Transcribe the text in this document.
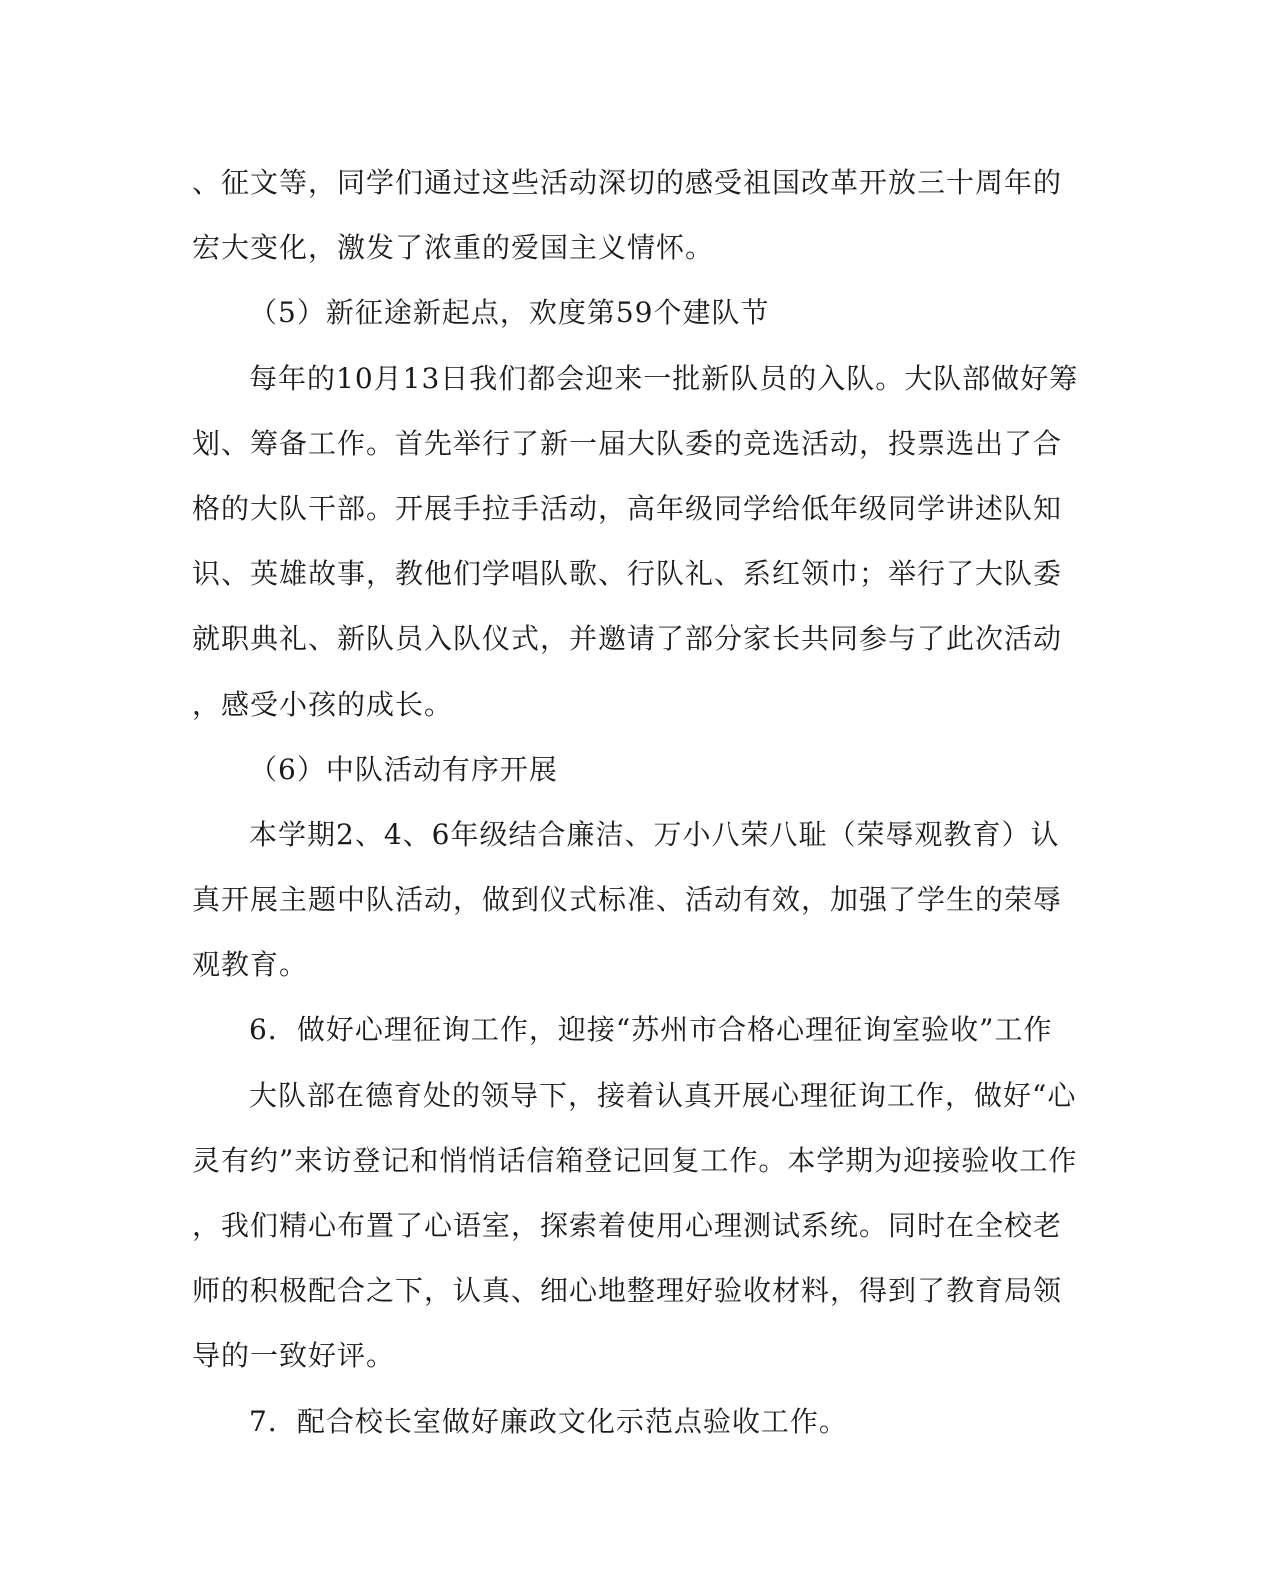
、征文等，同学们通过这些活动深切的感受祖国改革开放三十周年的
宏大变化，激发了浓重的爱国主义情怀。
（5）新征途新起点，欢度第59个建队节
每年的10月13日我们都会迎来一批新队员的入队。大队部做好筹
划、筹备工作。首先举行了新一届大队委的竞选活动，投票选出了合
格的大队干部。开展手拉手活动，高年级同学给低年级同学讲述队知
识、英雄故事，教他们学唱队歌、行队礼、系红领巾；举行了大队委
就职典礼、新队员入队仪式，并邀请了部分家长共同参与了此次活动
，感受小孩的成长。
（6）中队活动有序开展
本学期2、4、6年级结合廉洁、万小八荣八耻（荣辱观教育）认
真开展主题中队活动，做到仪式标准、活动有效，加强了学生的荣辱
观教育。
6．做好心理征询工作，迎接“苏州市合格心理征询室验收”工作
大队部在德育处的领导下，接着认真开展心理征询工作，做好“心
灵有约”来访登记和悄悄话信箱登记回复工作。本学期为迎接验收工作
，我们精心布置了心语室，探索着使用心理测试系统。同时在全校老
师的积极配合之下，认真、细心地整理好验收材料，得到了教育局领
导的一致好评。
7．配合校长室做好廉政文化示范点验收工作。
